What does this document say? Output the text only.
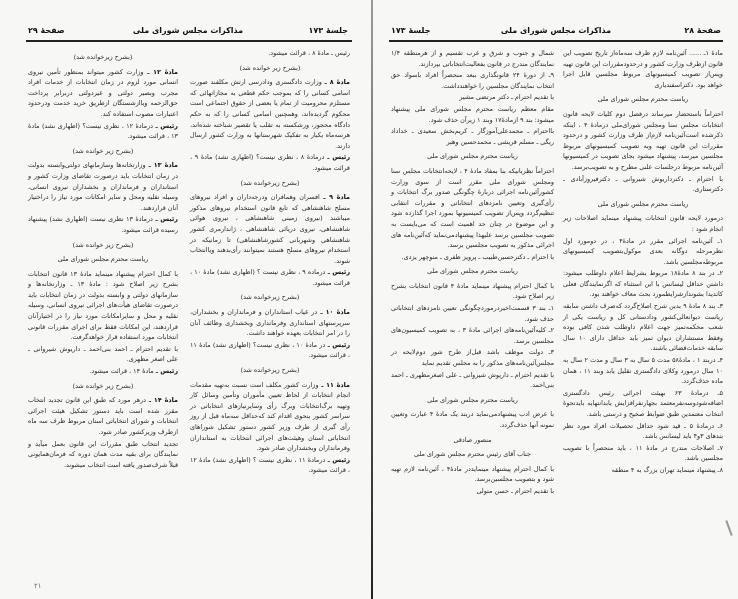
جلسهٔ ۱۷۳
مذاکرات مجلس شورای ملی
صفحهٔ ۲۹

رئیس ـ مادهٔ ۸ ، قرائت میشود.

(بشرح زیر خوانده شد)

مادهٔ ۸ ـ وزارت دادگستری ودادرسی ارتش مکلفند صورت اسامی کسانی را که بموجب حکم قطعی به مجازاتهائی که مستلزم محرومیت از تمام یا بعضی از حقوق اجتماعی است محکوم گردیده‌اند، وهمچنین اسامی کسانی را که به حکم دادگاه محجور، ورشکسته به تقلب یا تقصیر شناخته شده‌اند، هرسه‌ماه یکبار به تفکیک شهرستانها به وزارت کشور ارسال دارند.

رئیس ـ درمادهٔ ۸ ، نظری نیست؟ (اظهاری نشد) مادهٔ ۹ ، قرائت میشود.

(بشرح زیرخوانده شد)

مادهٔ ۹ ـ افسران وهمافران ودرجه‌داران و افراد نیروهای مسلح شاهنشاهی که تابع قانون استخدام نیروهای مذکور میباشند (نیروی زمینی شاهنشاهی ، نیروی هوائی شاهنشاهی، نیروی دریائی شاهنشاهی ، ژاندارمری کشور شاهنشاهی وشهربانی کشورشاهنشاهی) تا زمانیکه در استخدام نیروهای مسلح هستند نمیتوانند رأی‌بدهند ویاانتخاب شوند.

رئیس ـ درماده ۹ ، نظری نیست ؟ (اظهاری نشد) مادهٔ ۱۰ ، قرائت میشود.

(بشرح زیرخوانده شد)

مادهٔ ۱۰ ـ در غیاب استانداران و فرمانداران و بخشداران، سرپرستهای استانداری وفرمانداری وبخشداری وظائف آنان را در امر انتخابات بعهده خواهند داشت.

رئیس ـ در مادهٔ ۱۰ ، نظری نیست؟ (اظهاری نشد) مادهٔ ۱۱ ، قرائت میشود.

(بشرح زیرخوانده شد)

مادهٔ ۱۱ ـ وزارت کشور مکلف است نسبت به‌تهیه مقدمات انجام انتخابات از لحاظ تعیین مأموران وتأمین وسائل کار وتهیه برگ‌انتخابات وبرگ رأی وسایرنیازهای انتخاباتی در سراسر کشور بنحوی اقدام کند که‌حداقل سه‌ماه قبل از روز رأی گیری از طرف وزیر کشور دستور تشکیل شوراهای انتخاباتی استان وهیئت‌های اجرائی انتخابات به استانداران وفرمانداران وبخشداران صادر شود.

رئیس ـ درمادهٔ ۱۱ ، نظری نیست ؟ (اظهاری نشد) مادهٔ ۱۲ ، قرائت میشود.

(بشرح زیرخوانده شد)

مادهٔ ۱۲ ـ وزارت کشور میتواند بمنظور تأمین نیروی انسانی مورد لزوم در زمان انتخابات از خدمات افراد مجرب وبصیر دولتی و غیردولتی دربرابر پرداخت حق‌الزحمه ویاازشستگان ازطریق خرید خدمت ودرحدود اعتبارات مصوب استفاده کند.

رئیس ـ درمادهٔ ۱۲ ، نظری نیست؟ (اظهاری نشد) مادهٔ ۱۳ ، قرائت میشود.

(بشرح زیر خوانده شد)

مادهٔ ۱۳ ـ وزارتخانه‌ها وسازمانهای دولتی‌وابسته بدولت در زمان انتخابات باید درصورت تقاضای وزارت کشور و استانداران و فرمانداران و بخشداران نیروی انسانی، وسیله نقلیه ومحل و سایر امکانات مورد نیاز را دراختیار آنان قراردهند.

رئیس ـ درمادهٔ ۱۳ نظری نیست (اظهاری نشد) پیشنهاد رسیده قرائت میشود.

(بشرح زیر خوانده شد)

ریاست محترم مجلس شورای ملی

با کمال احترام پیشنهاد مینماید مادهٔ ۱۳ قانون انتخابات بشرح زیر اصلاح شود : مادهٔ ۱۳ ـ وزارتخانه‌ها و سازمانهای دولتی و وابسته بدولت در زمان انتخابات باید درصورت تقاضای هیأت‌های اجرائی نیروی انسانی، وسیله نقلیه و محل و سایرامکانات مورد نیاز را در اختیارآنان قراردهند، این امکانات فقط برای اجرای مقررات قانونی انتخابات مورد استفاده قرار خواهدگرفت.

با تقدیم احترام ـ احمد بنی‌احمد ـ داریوش شیروانی ـ علی اصغر مظهری.

رئیس ـ مادهٔ ۱۴ ، قرائت میشود.

(بشرح زیر خوانده شد)

مادهٔ ۱۴ ـ درهر مورد که طبق این قانون تجدید انتخاب مقرر شده است باید دستور تشکیل هیئت اجرائی انتخابات و شورای انتخاباتی استان مربوط ظرف سه ماه ازطرف وزیرکشور صادر شود.

تجدید انتخاب طبق مقررات این قانون بعمل میآید و نمایندگان برای بقیه مدت همان دوره که فرمان‌همایونی قبلاً شرف‌صدور یافته است انتخاب میشوند.

۲۱
صفحهٔ ۲۸
مذاکرات مجلس شورای ملی
جلسهٔ ۱۷۳

مادهٔ ۱ـ ...... آئین‌نامه لازم ظرف سه‌ماه‌از تاریخ تصویب این قانون ازطرف وزارت کشور و درحدودمقررات این قانون تهیه وپس‌از تصویب کمیسیونهای مربوط مجلسین قابل اجرا خواهد بود. دکتراسفندیاری

ریاست محترم مجلس شورای ملی

احتراماً باستحضار میرساند درفصل دوم کلیات لایحه قانون انتخابات مجلس سنا ومجلس شورای‌ملی درمادهٔ ۴ ، اینکه ذکرشده است‌آئین‌نامه لازم‌از طرف وزارت کشور و درحدود مقررات این قانون تهیه وبه تصویب کمیسیونهای مربوط مجلسین میرسد، پیشنهاد میشود بجای تصویب در کمیسیونها آئین‌نامه مربوط درجلسات علنی مطرح و به تصویب‌برسد.

با احترام ـ دکترداریوش شیروانی ـ دکترفیروزآبادی ـ دکترستاری.

ریاست محترم مجلس شورای ملی

درمورد لایحه قانون انتخابات پیشنهاد مینماید اصلاحات زیر انجام شود :

۱ـ آئین‌نامه اجرائی مقرر در مادهٔ۴ ، در دومورد اول نظرمرحله دوگانه بعدی موکول‌بتصویب کمیسیونهای مربوطه‌مجلسین باشد.

۲ـ در بند ۸ مادهٔ۱۸ مربوط بشرایط اعلام داوطلب میشود: داشتن حداقل لیسانس با این استثناء که اگرنمایندگان فعلی کاندیدا بشوند‌ازشرایطمورد بحث معاف خواهند بود.

۳ـ بند ۸ مادهٔ ۹ بدین شرح اصلاح‌گردد که‌صرف داشتن سابقه ریاست دیوانعالی‌کشور ودادستانی کل و ریاست یکی از شعب محکمه‌تمیز جهت اعلام داوطلب شدن کافی بوده وفقط مستشاران دیوان تمیز باید حداقل دارای ۱۰ سال سابقه خدمات‌قضائی باشند.

۴ـ دربند ۱ ، مادهٔ۵۸ مدت ۵ سال به ۳ سال و مدت ۲ سال به ۱۰ سال درمورد وکلای دادگستری تقلیل یابد وبند ۱۱ ، همان ماده حذف‌گردد.

۵ـ درمادهٔ ۶۳ بهیئت اجرائی رئیس دادگستری اضافه‌شودوسه‌نفرمعتمد بجهارنفرافزایش یابدانتهایه بایدنحوهٔ انتخاب معتمدین طبق ضوابط صحیح و درستی باشد.

۶ـ درمادهٔ ۵ ـ قید شود حداقل تحصیلات افراد مورد نظر بندهای ۳و۴ باید لیسانس باشد.

۷ـ اصلاحات مندرج در مادهٔ ۱۱ ، باید منحصراً با تصویب مجلسین باشد.

۸ـ پیشنهاد مینماید تهران بزرگ به ۴ منطقه

شمال و جنوب و شرق و غرب تقسیم و از هرمنطقه ۱/۴ نمایندگان مندرج در قانون بفعالیت‌انتخاباتی بپردازند.

۹ـ از دورهٔ ۲۴ قانونگذاری ببعد منحصراً افراد باسواد حق انتخاب نمایندگان مجلسین را خواهندداشت.

با تقدیم احترام ـ دکتر مرتضی مشیر

مقام معظم ریاست محترم مجلس شورای ملی پیشنهاد میشود: بند ۹ ازمادهٔ۱۷ وبند ۱ زیرآن حذف شود.

بااحترام ـ محمدعلی‌آموزگار ـ کریم‌بخش سعیدی ـ خداداد ریگی ـ مسلم قریشی ـ محمدحسین وهبر

ریاست محترم مجلس شورای ملی

احتراماً نظربانیکه بنا بمفاد مادهٔ ۴ ، لایحه‌انتخابات مجلس سنا ومجلس شورای ملی مقرر است از سوی وزارت کشورآئین‌نامه اجرائی دربارهٔ چگونگی صدور برگ انتخابات و رأی‌گیری وتعیین نامزدهای انتخاباتی و مقررات انتقابی تنظیم‌گردد وپس‌از تصویب کمیسیونها بمورد اجرا گذارده شود و این موضوع در چنان حد اهمیت است که می‌بایست به تصویب مجلسین برسد علیهذا پیشنهاد‌می‌نماید که‌آئین‌نامه های اجرائی مذکور به تصویب مجلسین برسد.

با احترام ـ دکترحسین‌طبیب ـ پرویز ظفری ـ منوچهر یزدی.

ریاست محترم مجلس شورای ملی

با کمال احترام پیشنهاد مینماید مادهٔ ۴ قانون انتخابات بشرح زیر اصلاح شود.

۱ـ بند ۳ قسمت‌اخیردرمورد‌چگونگی تعیین نامزدهای انتخاباتی حذف شود.

۲ـ کلیه‌آئین‌نامه‌های اجرائی مادهٔ ۳ ، به تصویب کمیسیون‌های مجلسین برسد.

۳ـ دولت موظف باشد قبل‌از طرح شور دوم‌لایحه در مجلس‌آئین‌نامه‌های مذکور را به مجلس تقدیم نماید

با تقدیم احترام ـ داریوش شیروانی ـ علی اصغرمظهری ـ احمد بنی‌احمد.

ریاست محترم مجلس شورای ملی

با عرض ادب پیشنهادمی‌نماید دربند یک مادهٔ ۴ عبارت وتعیین نمونه آنها حذف‌گردد.

منصور صادقی

جناب آقای رئیس محترم مجلس شورای ملی

با کمال احترام پیشنهاد مینمایددر مادهٔ۴ ، آئین‌نامه لازم تهیه شود و بتصویب مجلسین‌برسد.

با تقدیم احترام ـ حسن متولی
